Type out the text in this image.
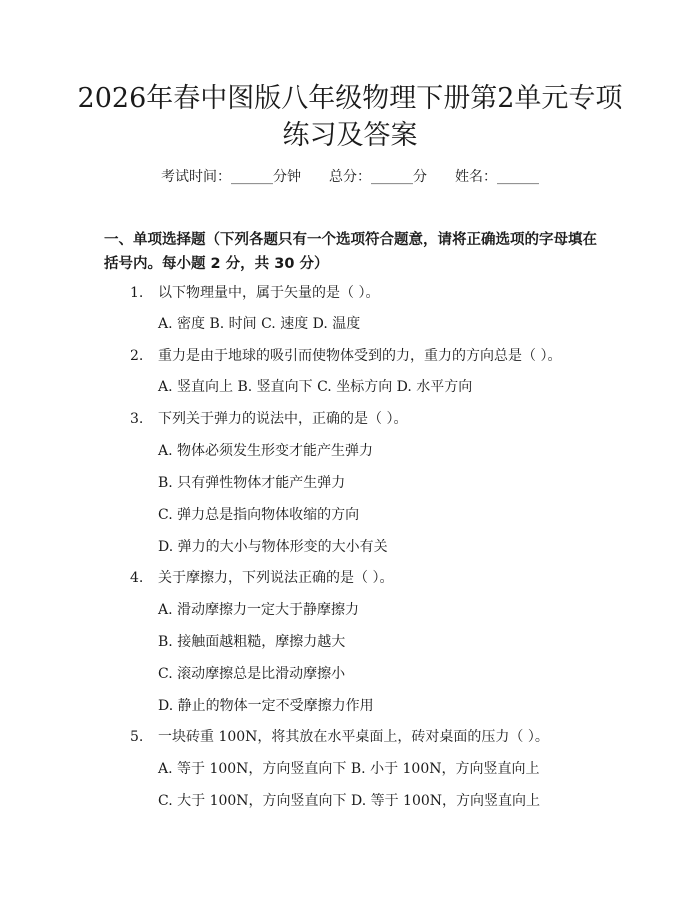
2026年春中图版八年级物理下册第2单元专项练习及答案
考试时间：______分钟 总分：______分 姓名：______
一、单项选择题（下列各题只有一个选项符合题意，请将正确选项的字母填在括号内。每小题 2 分，共 30 分）
1. 以下物理量中，属于矢量的是（ ）。
A. 密度 B. 时间 C. 速度 D. 温度
2. 重力是由于地球的吸引而使物体受到的力，重力的方向总是（ ）。
A. 竖直向上 B. 竖直向下 C. 坐标方向 D. 水平方向
3. 下列关于弹力的说法中，正确的是（ ）。
A. 物体必须发生形变才能产生弹力
B. 只有弹性物体才能产生弹力
C. 弹力总是指向物体收缩的方向
D. 弹力的大小与物体形变的大小有关
4. 关于摩擦力，下列说法正确的是（ ）。
A. 滑动摩擦力一定大于静摩擦力
B. 接触面越粗糙，摩擦力越大
C. 滚动摩擦总是比滑动摩擦小
D. 静止的物体一定不受摩擦力作用
5. 一块砖重 100N，将其放在水平桌面上，砖对桌面的压力（ ）。
A. 等于 100N，方向竖直向下 B. 小于 100N，方向竖直向上
C. 大于 100N，方向竖直向下 D. 等于 100N，方向竖直向上
